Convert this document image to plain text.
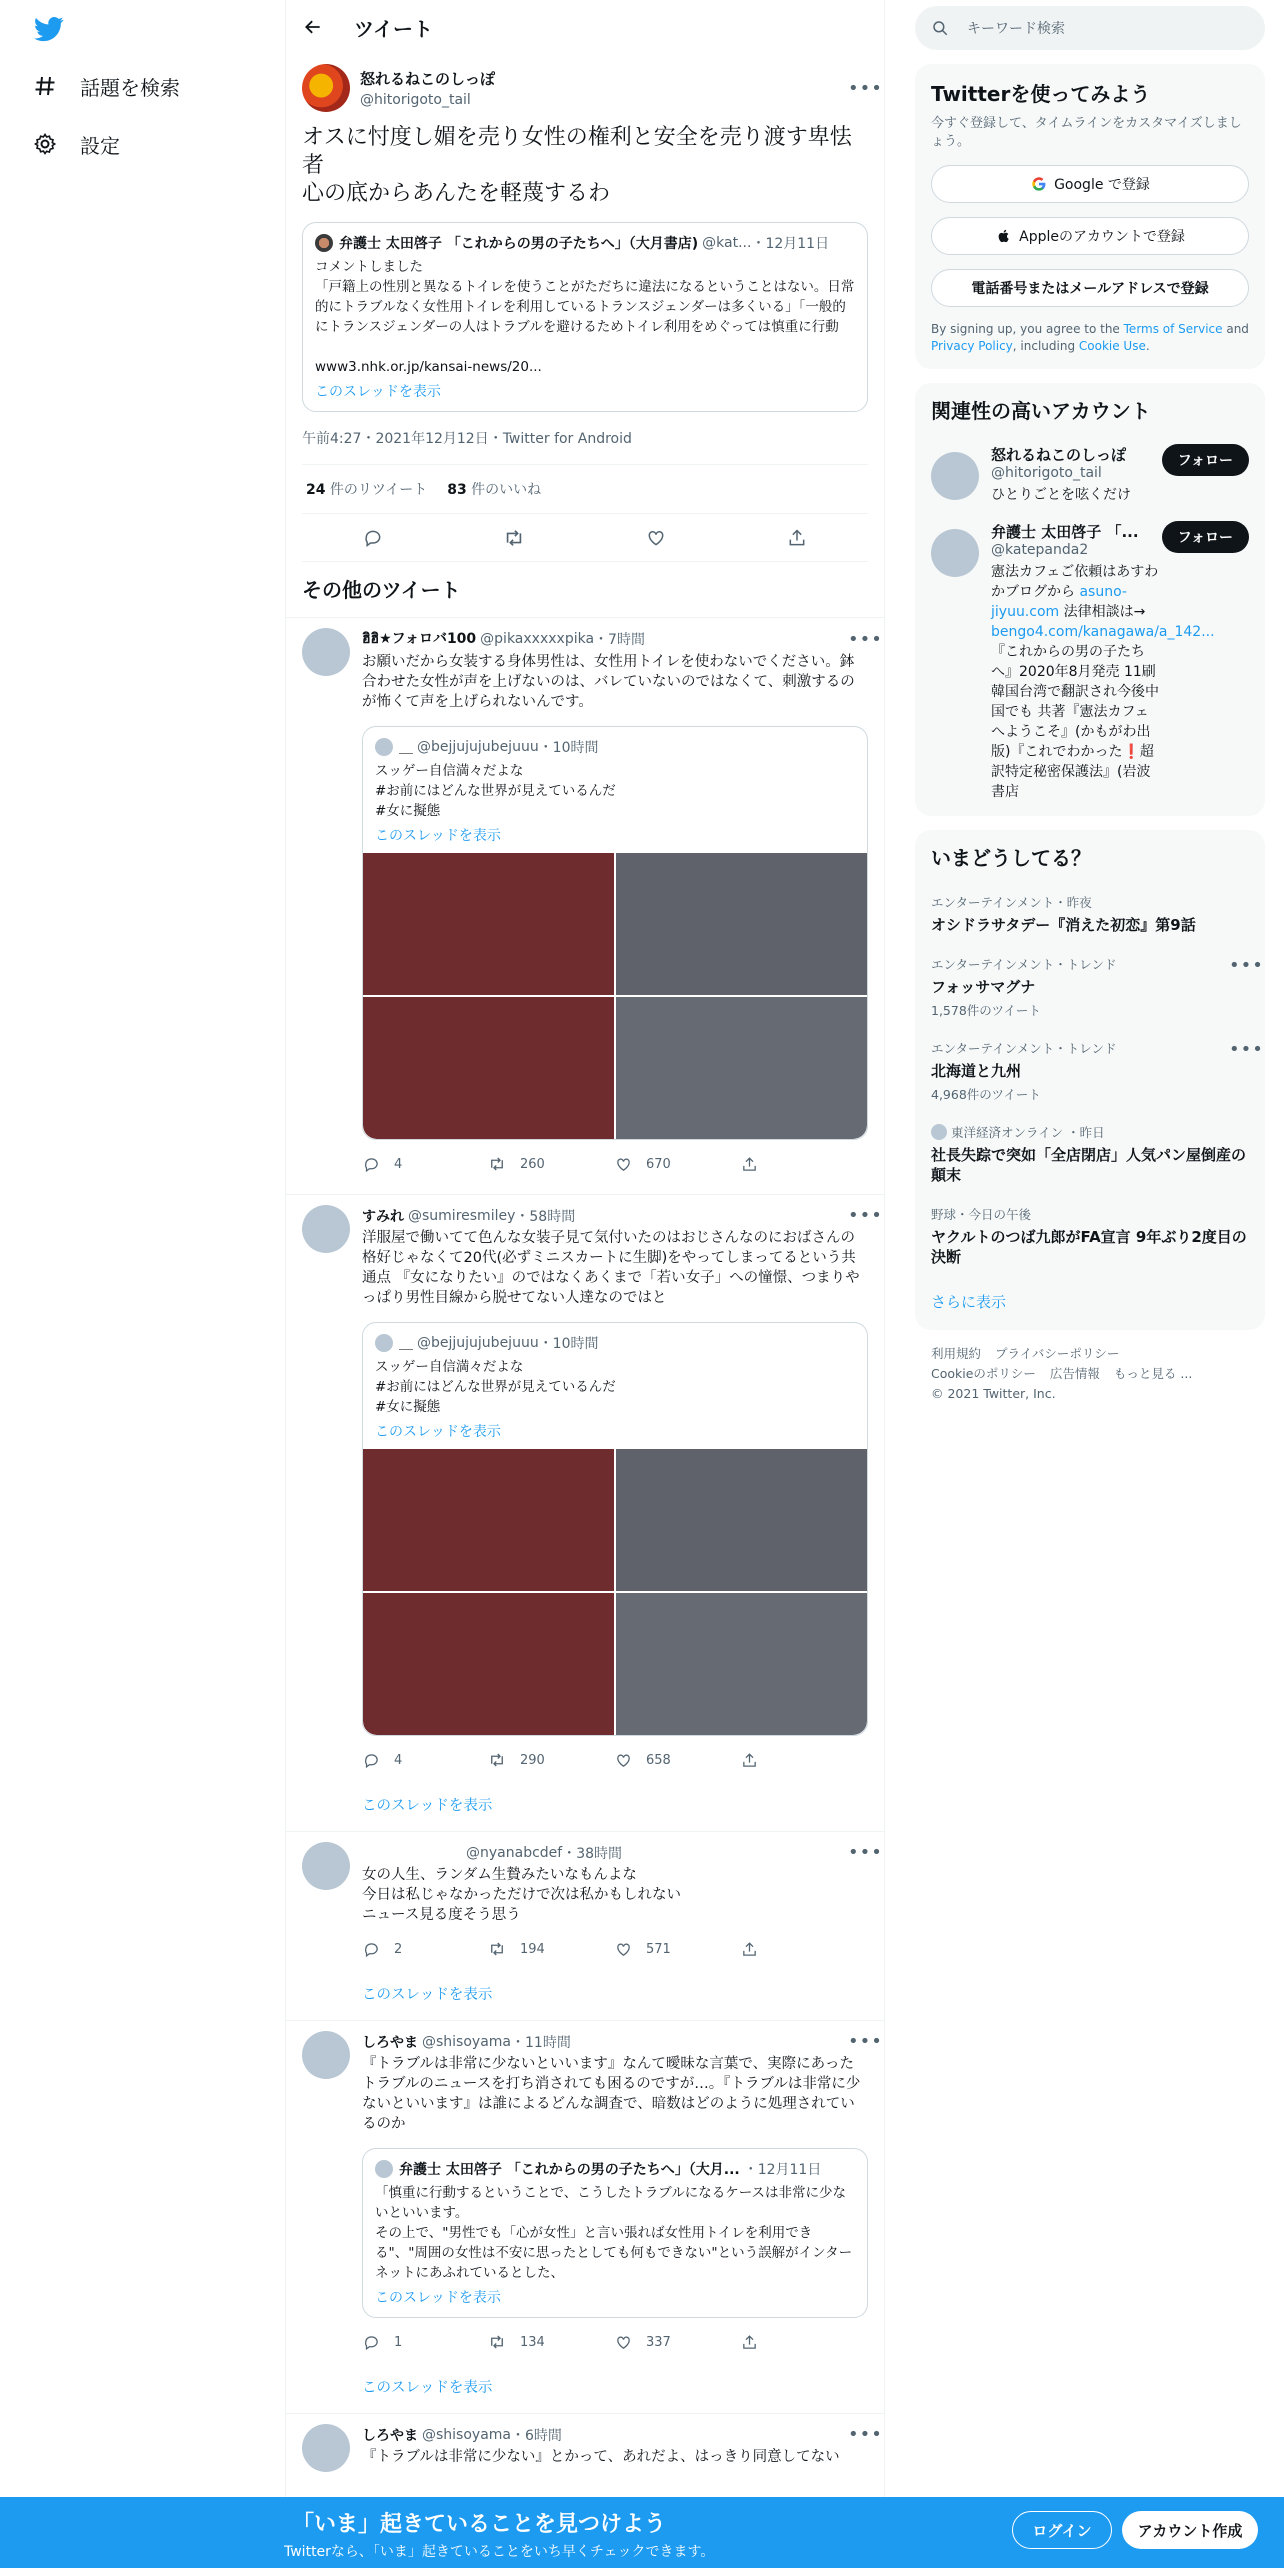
話題を検索
設定
ツイート
怒れるねこのしっぽ
@hitorigoto_tail
•••
オスに忖度し媚を売り女性の権利と安全を売り渡す卑怯者
心の底からあんたを軽蔑するわ
弁護士 太田啓子 「これからの男の子たちへ」（大月書店) @kat... ・ 12月11日
コメントしました
「戸籍上の性別と異なるトイレを使うことがただちに違法になるということはない。日常的にトラブルなく女性用トイレを利用しているトランスジェンダーは多くいる」「一般的にトランスジェンダーの人はトラブルを避けるためトイレ利用をめぐっては慎重に行動

www3.nhk.or.jp/kansai-news/20...
このスレッドを表示
午前4:27・2021年12月12日・Twitter for Android
24 件のリツイート 83 件のいいね
その他のツイート
ฮิฮิ★フォロバ100 @pikaxxxxxpika ・7時間	•••
お願いだから女装する身体男性は、女性用トイレを使わないでください。鉢合わせた女性が声を上げないのは、バレていないのではなくて、刺激するのが怖くて声を上げられないんです。
＿ @bejjujujubejuuu ・10時間
スッゲー自信満々だよな
#お前にはどんな世界が見えているんだ
#女に擬態
このスレッドを表示
4	260	670
すみれ @sumiresmiley ・58時間	•••
洋服屋で働いてて色んな女装子見て気付いたのはおじさんなのにおばさんの格好じゃなくて20代(必ずミニスカートに生脚)をやってしまってるという共通点 『女になりたい』のではなくあくまで「若い女子」への憧憬、つまりやっぱり男性目線から脱せてない人達なのではと
＿ @bejjujujubejuuu ・10時間
スッゲー自信満々だよな
#お前にはどんな世界が見えているんだ
#女に擬態
このスレッドを表示
4	290	658
このスレッドを表示
@nyanabcdef ・38時間	•••
女の人生、ランダム生贄みたいなもんよな
今日は私じゃなかっただけで次は私かもしれない
ニュース見る度そう思う
2	194	571
このスレッドを表示
しろやま @shisoyama ・11時間	•••
『トラブルは非常に少ないといいます』なんて曖昧な言葉で、実際にあったトラブルのニュースを打ち消されても困るのですが…。『トラブルは非常に少ないといいます』は誰によるどんな調査で、暗数はどのように処理されているのか
弁護士 太田啓子 「これからの男の子たちへ」（大月... ・12月11日
「慎重に行動するということで、こうしたトラブルになるケースは非常に少ないといいます。
その上で、"男性でも「心が女性」と言い張れば女性用トイレを利用できる"、"周囲の女性は不安に思ったとしても何もできない"という誤解がインターネットにあふれているとした、
このスレッドを表示
1	134	337
このスレッドを表示
しろやま @shisoyama ・6時間	•••
『トラブルは非常に少ない』とかって、あれだよ、はっきり同意してない
キーワード検索
Twitterを使ってみよう

今すぐ登録して、タイムラインをカスタマイズしましょう。

Google で登録
Appleのアカウントで登録
電話番号またはメールアドレスで登録
By signing up, you agree to the Terms of Service and Privacy Policy, including Cookie Use.
関連性の高いアカウント
怒れるねこのしっぽ
@hitorigoto_tail
ひとりごとを呟くだけ
フォロー
弁護士 太田啓子 「...
@katepanda2
憲法カフェご依頼はあすわかブログから asuno-jiyuu.com 法律相談は→ bengo4.com/kanagawa/a_142... 『これからの男の子たちへ』2020年8月発売 11刷 韓国台湾で翻訳され今後中国でも 共著『憲法カフェへようこそ』(かもがわ出版)『これでわかった❗超訳特定秘密保護法』(岩波書店
フォロー
いまどうしてる？
エンターテインメント・昨夜
オシドラサタデー『消えた初恋』第9話
エンターテインメント・トレンド
フォッサマグナ
1,578件のツイート
•••
エンターテインメント・トレンド
北海道と九州
4,968件のツイート
•••
東洋経済オンライン ・昨日
社長失踪で突如「全店閉店」人気パン屋倒産の顛末
野球・今日の午後
ヤクルトのつば九郎がFA宣言 9年ぶり2度目の決断
さらに表示
利用規約 プライバシーポリシー
Cookieのポリシー 広告情報 もっと見る ...
© 2021 Twitter, Inc.
「いま」起きていることを見つけよう
Twitterなら、「いま」起きていることをいち早くチェックできます。
ログイン	アカウント作成
